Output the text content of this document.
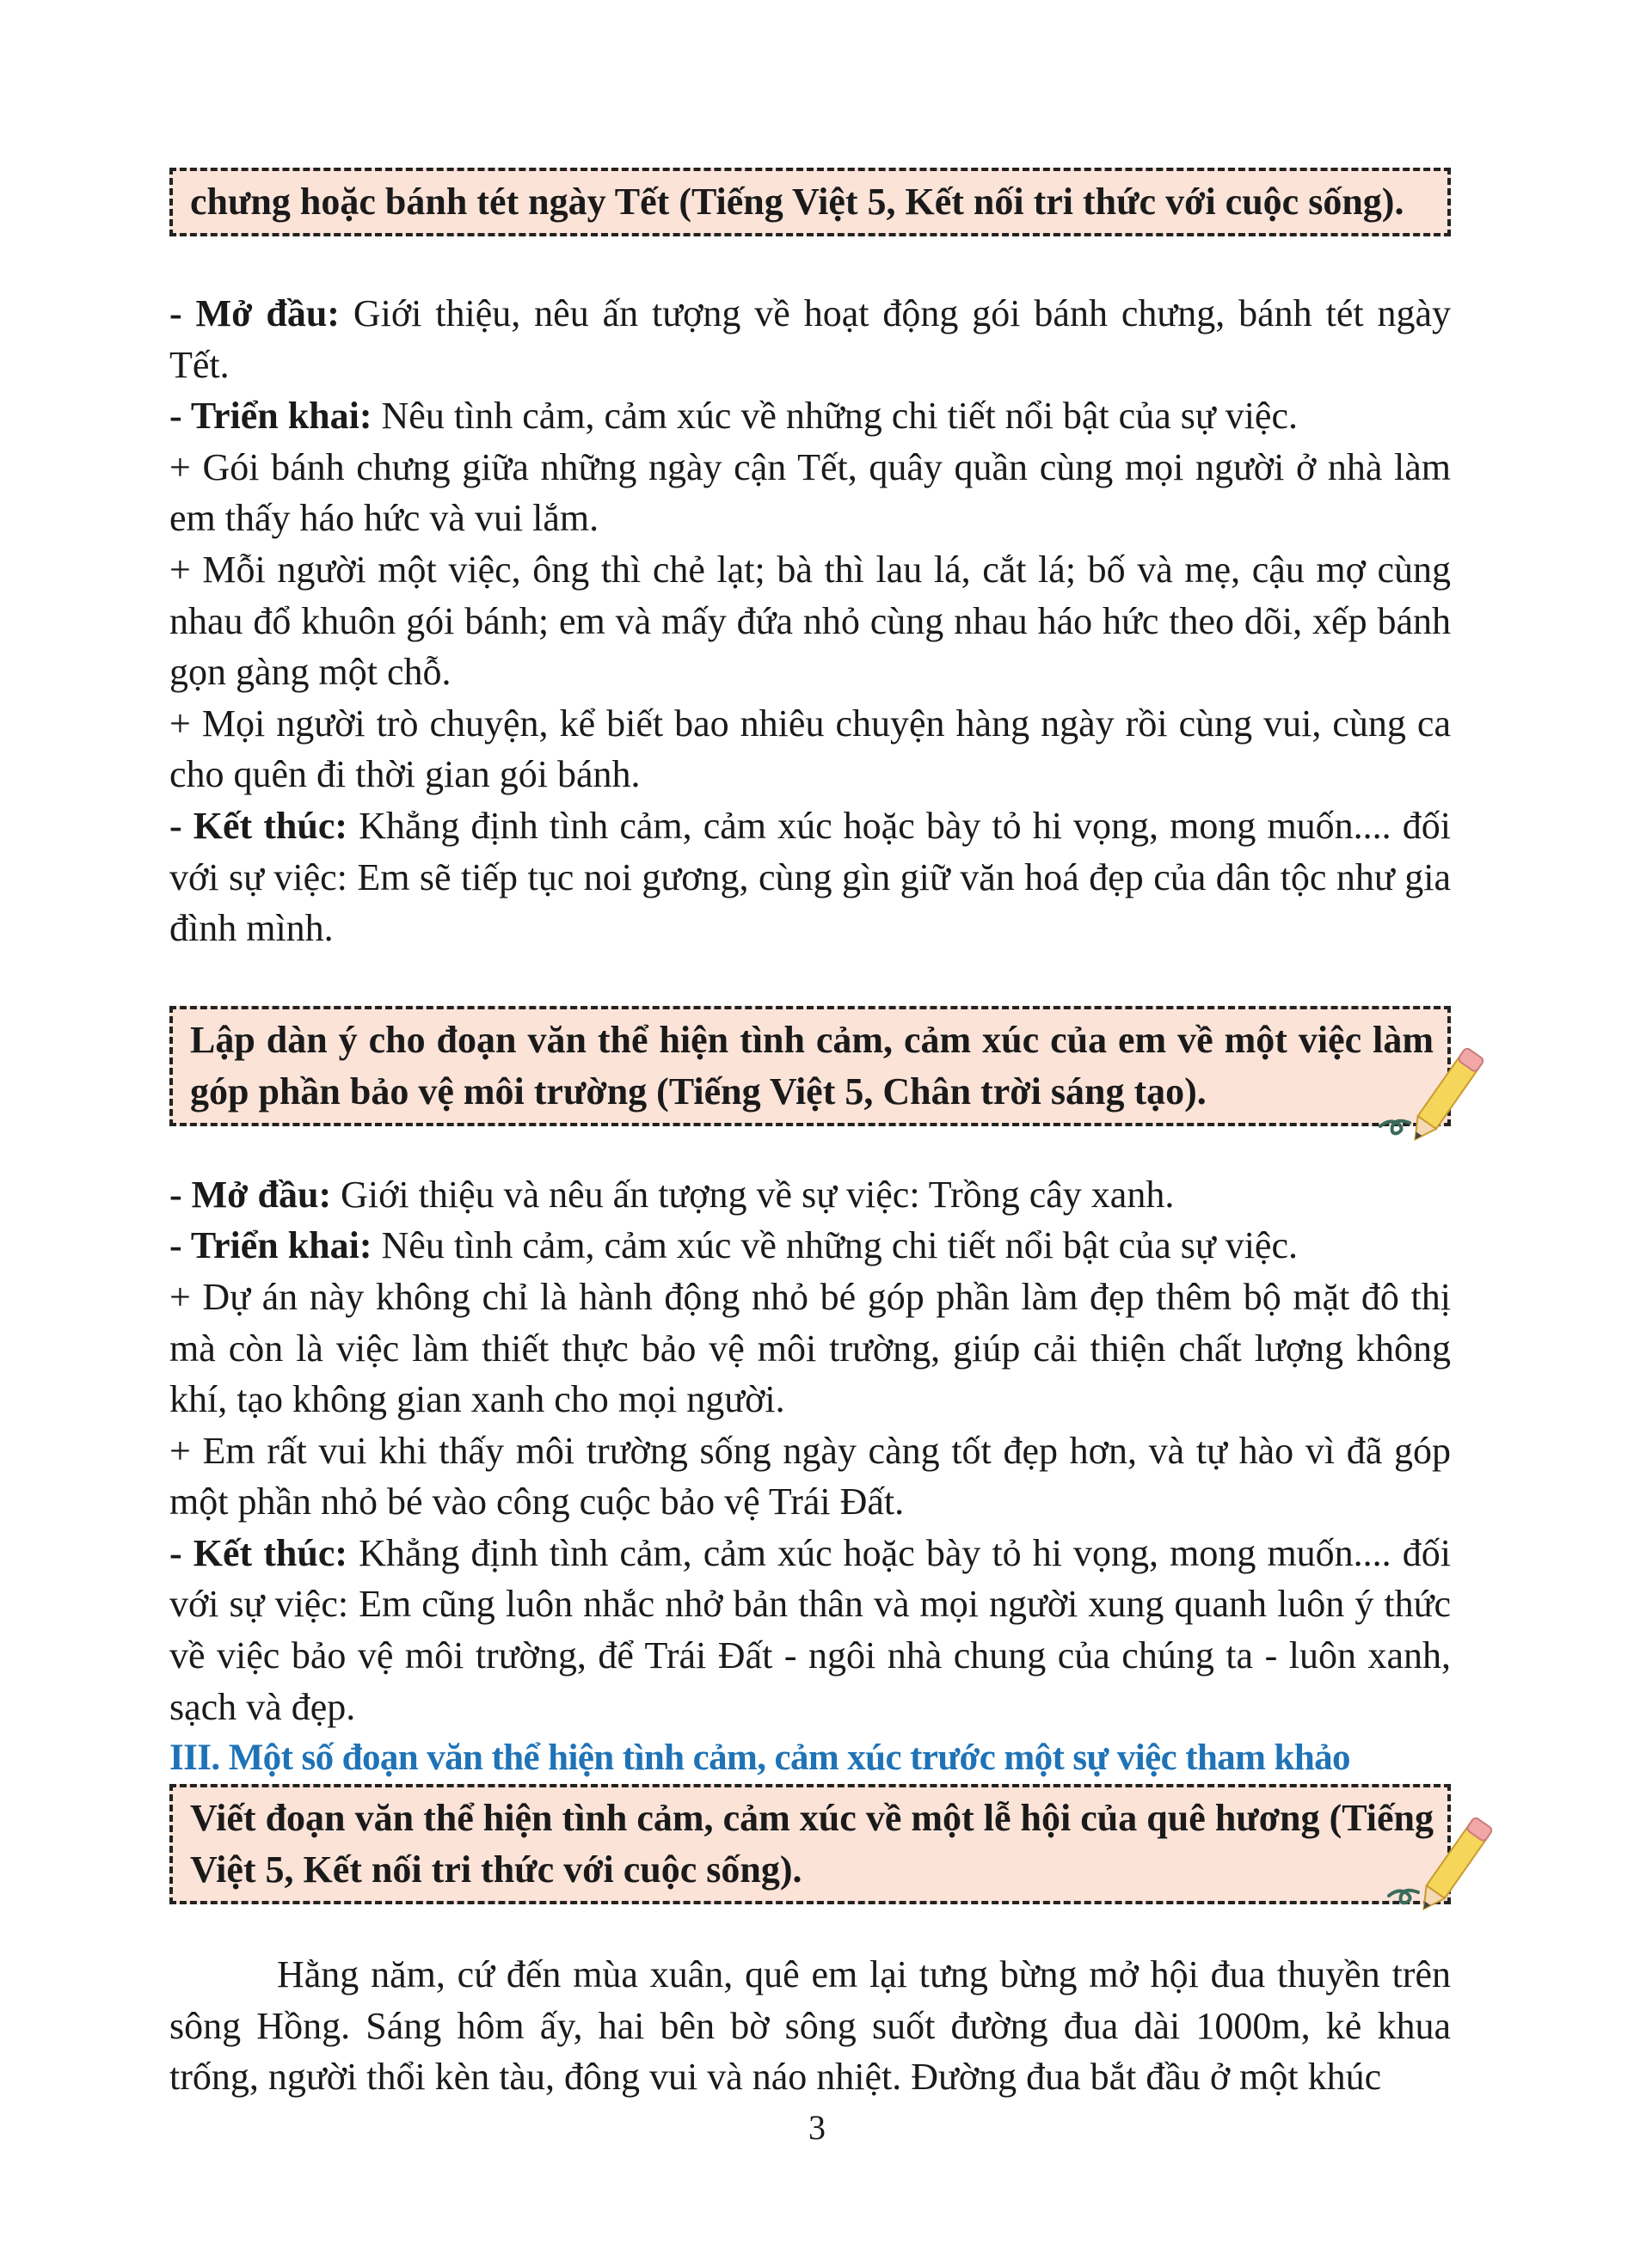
chưng hoặc bánh tét ngày Tết (Tiếng Việt 5, Kết nối tri thức với cuộc sống).

- Mở đầu: Giới thiệu, nêu ấn tượng về hoạt động gói bánh chưng, bánh tét ngày Tết.

- Triển khai: Nêu tình cảm, cảm xúc về những chi tiết nổi bật của sự việc.

+ Gói bánh chưng giữa những ngày cận Tết, quây quần cùng mọi người ở nhà làm em thấy háo hức và vui lắm.

+ Mỗi người một việc, ông thì chẻ lạt; bà thì lau lá, cắt lá; bố và mẹ, cậu mợ cùng nhau đổ khuôn gói bánh; em và mấy đứa nhỏ cùng nhau háo hức theo dõi, xếp bánh gọn gàng một chỗ.

+ Mọi người trò chuyện, kể biết bao nhiêu chuyện hàng ngày rồi cùng vui, cùng ca cho quên đi thời gian gói bánh.

- Kết thúc: Khẳng định tình cảm, cảm xúc hoặc bày tỏ hi vọng, mong muốn.... đối với sự việc: Em sẽ tiếp tục noi gương, cùng gìn giữ văn hoá đẹp của dân tộc như gia đình mình.

Lập dàn ý cho đoạn văn thể hiện tình cảm, cảm xúc của em về một việc làm góp phần bảo vệ môi trường (Tiếng Việt 5, Chân trời sáng tạo).

- Mở đầu: Giới thiệu và nêu ấn tượng về sự việc: Trồng cây xanh.

- Triển khai: Nêu tình cảm, cảm xúc về những chi tiết nổi bật của sự việc.

+ Dự án này không chỉ là hành động nhỏ bé góp phần làm đẹp thêm bộ mặt đô thị mà còn là việc làm thiết thực bảo vệ môi trường, giúp cải thiện chất lượng không khí, tạo không gian xanh cho mọi người.

+ Em rất vui khi thấy môi trường sống ngày càng tốt đẹp hơn, và tự hào vì đã góp một phần nhỏ bé vào công cuộc bảo vệ Trái Đất.

- Kết thúc: Khẳng định tình cảm, cảm xúc hoặc bày tỏ hi vọng, mong muốn.... đối với sự việc: Em cũng luôn nhắc nhở bản thân và mọi người xung quanh luôn ý thức về việc bảo vệ môi trường, để Trái Đất - ngôi nhà chung của chúng ta - luôn xanh, sạch và đẹp.

III. Một số đoạn văn thể hiện tình cảm, cảm xúc trước một sự việc tham khảo

Viết đoạn văn thể hiện tình cảm, cảm xúc về một lễ hội của quê hương (Tiếng Việt 5, Kết nối tri thức với cuộc sống).

Hằng năm, cứ đến mùa xuân, quê em lại tưng bừng mở hội đua thuyền trên sông Hồng. Sáng hôm ấy, hai bên bờ sông suốt đường đua dài 1000m, kẻ khua trống, người thổi kèn tàu, đông vui và náo nhiệt. Đường đua bắt đầu ở một khúc

3
